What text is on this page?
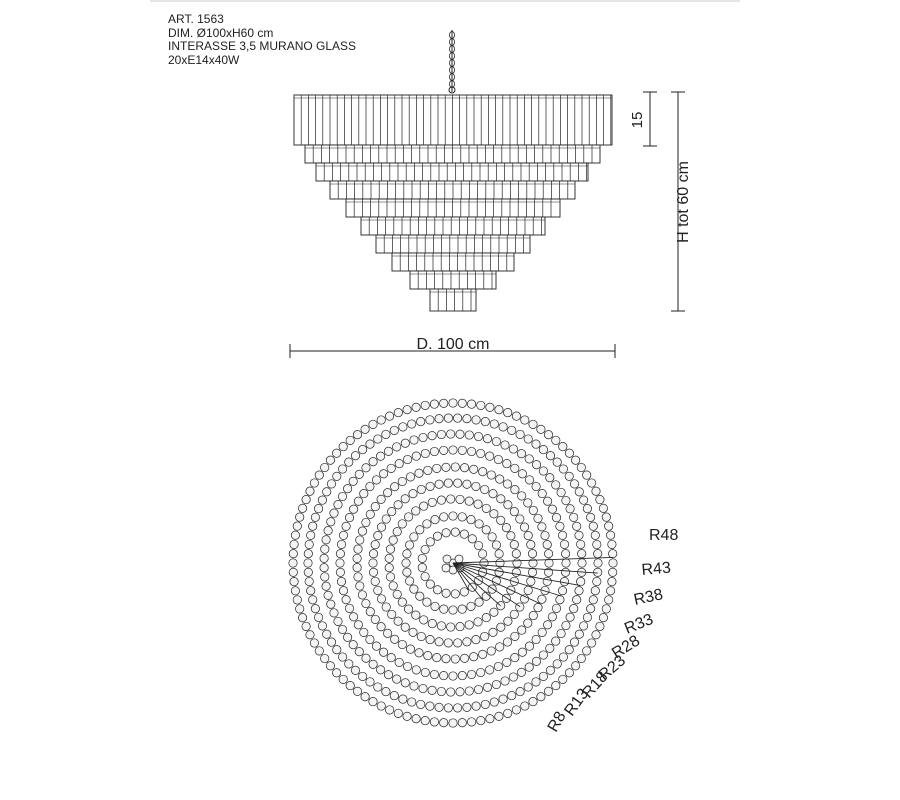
ART. 1563
DIM. Ø100xH60 cm
INTERASSE 3,5 MURANO GLASS
20xE14x40W
15
H tot 60 cm
D. 100 cm
R48
R43
R38
R33
R28
R23
R18
R13
R8
